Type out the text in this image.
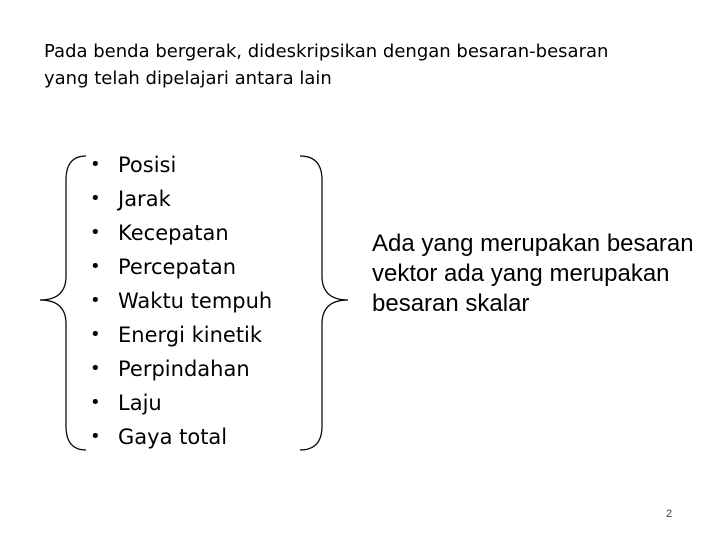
Pada benda bergerak, dideskripsikan dengan besaran-besaran yang telah dipelajari antara lain

• Posisi
• Jarak
• Kecepatan
• Percepatan
• Waktu tempuh
• Energi kinetik
• Perpindahan
• Laju
• Gaya total

Ada yang merupakan besaran vektor ada yang merupakan besaran skalar

2
